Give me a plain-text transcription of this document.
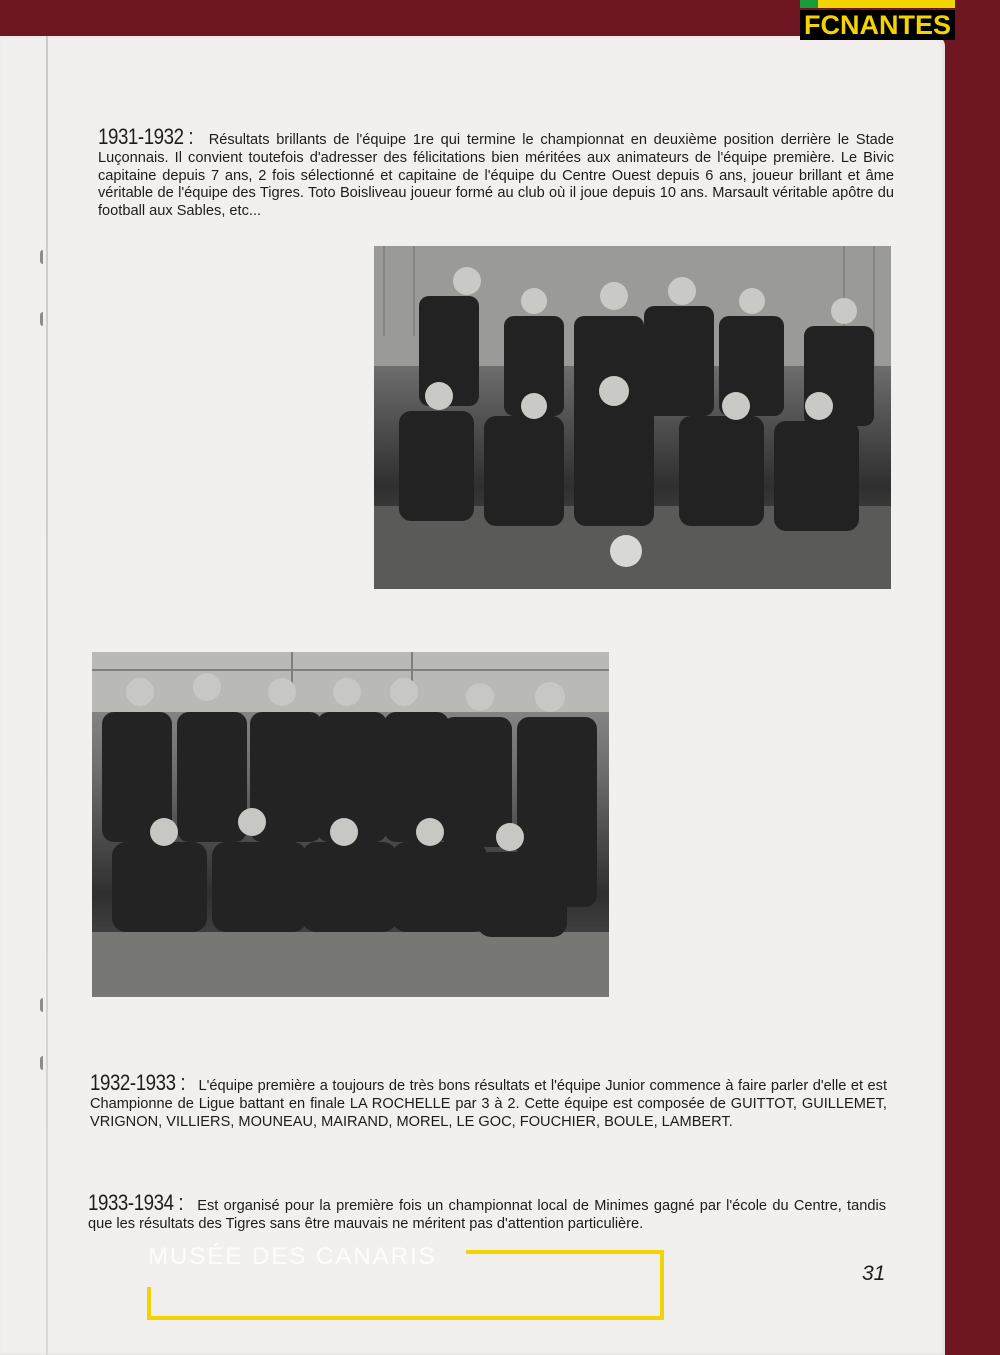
FCNANTES
1931-1932 : Résultats brillants de l'équipe 1re qui termine le championnat en deuxième position derrière le Stade Luçonnais. Il convient toutefois d'adresser des félicitations bien méritées aux animateurs de l'équipe première. Le Bivic capitaine depuis 7 ans, 2 fois sélectionné et capitaine de l'équipe du Centre Ouest depuis 6 ans, joueur brillant et âme véritable de l'équipe des Tigres. Toto Boisliveau joueur formé au club où il joue depuis 10 ans. Marsault véritable apôtre du football aux Sables, etc...
1932-1933 : L'équipe première a toujours de très bons résultats et l'équipe Junior commence à faire parler d'elle et est Championne de Ligue battant en finale LA ROCHELLE par 3 à 2. Cette équipe est composée de GUITTOT, GUILLEMET, VRIGNON, VILLIERS, MOUNEAU, MAIRAND, MOREL, LE GOC, FOUCHIER, BOULE, LAMBERT.
1933-1934 : Est organisé pour la première fois un championnat local de Minimes gagné par l'école du Centre, tandis que les résultats des Tigres sans être mauvais ne méritent pas d'attention particulière.
31
MUSÉE DES CANARIS
